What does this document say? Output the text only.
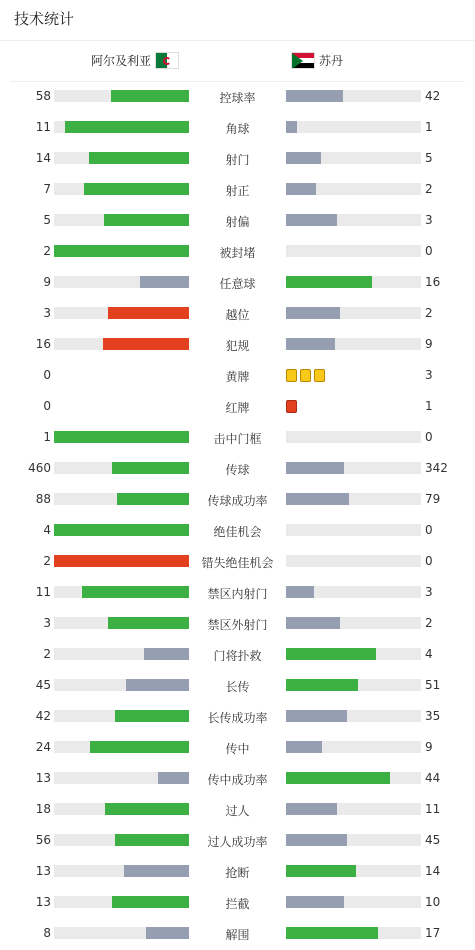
技术统计
阿尔及利亚	苏丹
58	控球率	42
11	角球	1
14	射门	5
7	射正	2
5	射偏	3
2	被封堵	0
9	任意球	16
3	越位	2
16	犯规	9
0	黄牌	3
0	红牌	1
1	击中门框	0
460	传球	342
88	传球成功率	79
4	绝佳机会	0
2	错失绝佳机会	0
11	禁区内射门	3
3	禁区外射门	2
2	门将扑救	4
45	长传	51
42	长传成功率	35
24	传中	9
13	传中成功率	44
18	过人	11
56	过人成功率	45
13	抢断	14
13	拦截	10
8	解围	17
